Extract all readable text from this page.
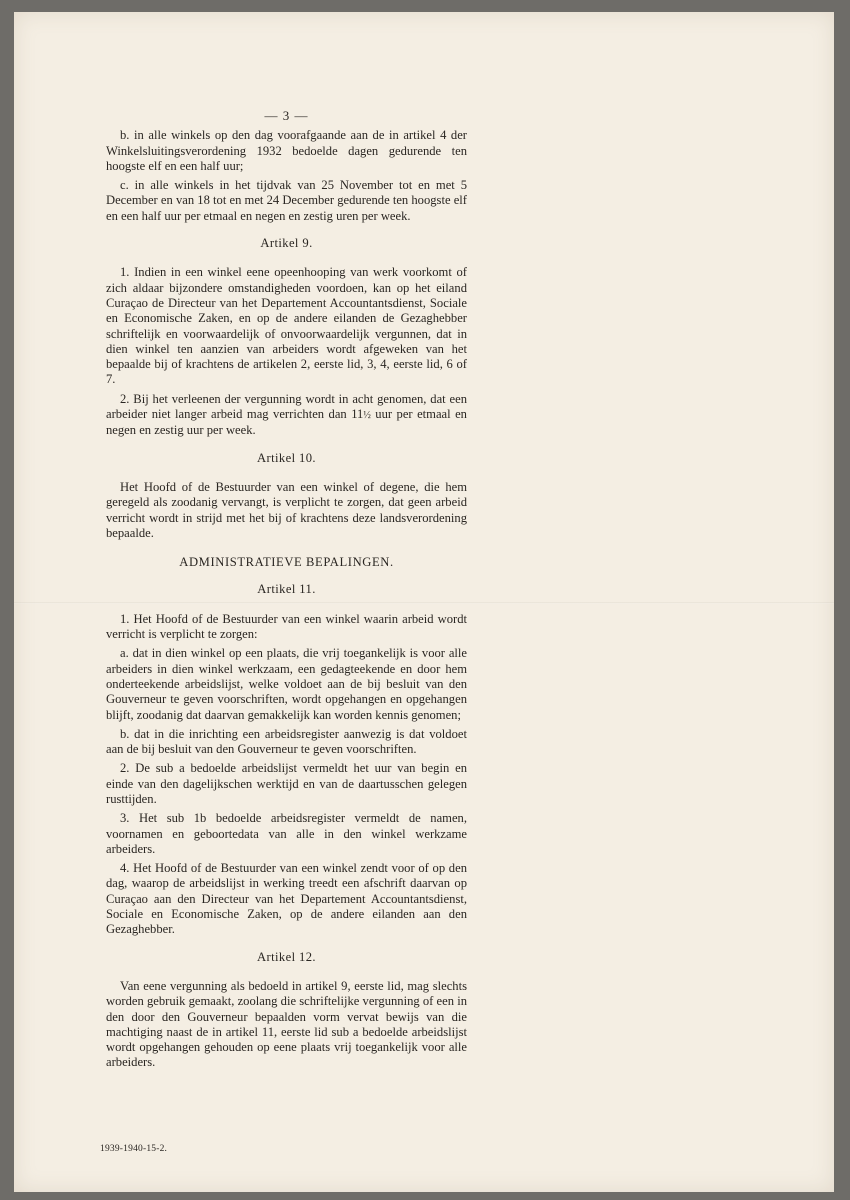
— 3 —

b. in alle winkels op den dag voorafgaande aan de in artikel 4 der Winkelsluitingsverordening 1932 bedoelde dagen gedurende ten hoogste elf en een half uur;

c. in alle winkels in het tijdvak van 25 November tot en met 5 December en van 18 tot en met 24 December gedurende ten hoogste elf en een half uur per etmaal en negen en zestig uren per week.

Artikel 9.

1. Indien in een winkel eene opeenhooping van werk voorkomt of zich aldaar bijzondere omstandigheden voordoen, kan op het eiland Curaçao de Directeur van het Departement Accountantsdienst, Sociale en Economische Zaken, en op de andere eilanden de Gezaghebber schriftelijk en voorwaardelijk of onvoorwaardelijk vergunnen, dat in dien winkel ten aanzien van arbeiders wordt afgeweken van het bepaalde bij of krachtens de artikelen 2, eerste lid, 3, 4, eerste lid, 6 of 7.

2. Bij het verleenen der vergunning wordt in acht genomen, dat een arbeider niet langer arbeid mag verrichten dan 11½ uur per etmaal en negen en zestig uur per week.

Artikel 10.

Het Hoofd of de Bestuurder van een winkel of degene, die hem geregeld als zoodanig vervangt, is verplicht te zorgen, dat geen arbeid verricht wordt in strijd met het bij of krachtens deze landsverordening bepaalde.

ADMINISTRATIEVE BEPALINGEN.

Artikel 11.

1. Het Hoofd of de Bestuurder van een winkel waarin arbeid wordt verricht is verplicht te zorgen:

a. dat in dien winkel op een plaats, die vrij toegankelijk is voor alle arbeiders in dien winkel werkzaam, een gedagteekende en door hem onderteekende arbeidslijst, welke voldoet aan de bij besluit van den Gouverneur te geven voorschriften, wordt opgehangen en opgehangen blijft, zoodanig dat daarvan gemakkelijk kan worden kennis genomen;

b. dat in die inrichting een arbeidsregister aanwezig is dat voldoet aan de bij besluit van den Gouverneur te geven voorschriften.

2. De sub a bedoelde arbeidslijst vermeldt het uur van begin en einde van den dagelijkschen werktijd en van de daartusschen gelegen rusttijden.

3. Het sub 1b bedoelde arbeidsregister vermeldt de namen, voornamen en geboortedata van alle in den winkel werkzame arbeiders.

4. Het Hoofd of de Bestuurder van een winkel zendt voor of op den dag, waarop de arbeidslijst in werking treedt een afschrift daarvan op Curaçao aan den Directeur van het Departement Accountantsdienst, Sociale en Economische Zaken, op de andere eilanden aan den Gezaghebber.

Artikel 12.

Van eene vergunning als bedoeld in artikel 9, eerste lid, mag slechts worden gebruik gemaakt, zoolang die schriftelijke vergunning of een in den door den Gouverneur bepaalden vorm vervat bewijs van die machtiging naast de in artikel 11, eerste lid sub a bedoelde arbeidslijst wordt opgehangen gehouden op eene plaats vrij toegankelijk voor alle arbeiders.

1939-1940-15-2.
